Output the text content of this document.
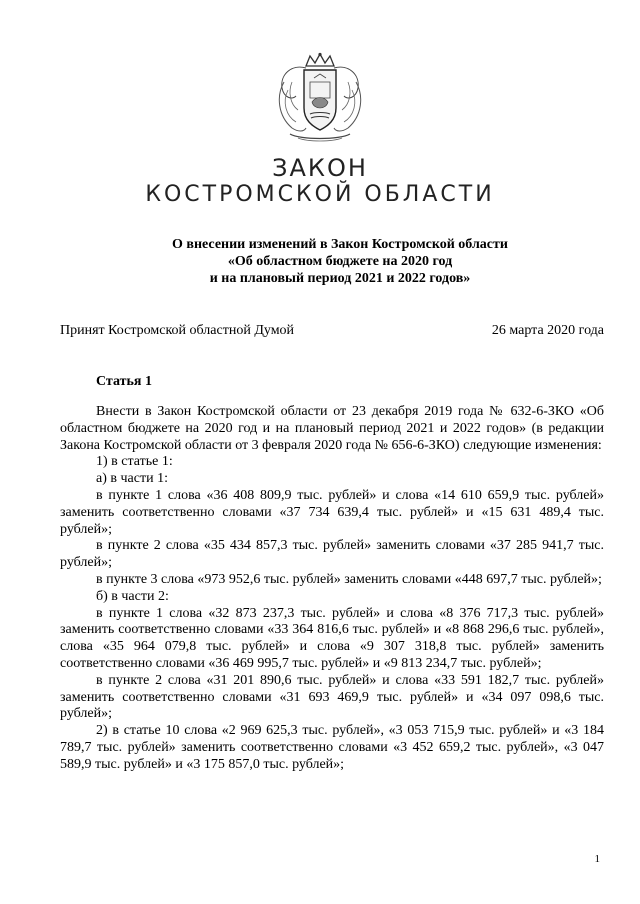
ЗАКОН
КОСТРОМСКОЙ ОБЛАСТИ
О внесении изменений в Закон Костромской области
«Об областном бюджете на 2020 год
и на плановый период 2021 и 2022 годов»
Принят Костромской областной Думой	26 марта 2020 года
Статья 1

Внести в Закон Костромской области от 23 декабря 2019 года № 632-6-ЗКО «Об областном бюджете на 2020 год и на плановый период 2021 и 2022 годов» (в редакции Закона Костромской области от 3 февраля 2020 года № 656-6-ЗКО) следующие изменения:

1) в статье 1:

а) в части 1:

в пункте 1 слова «36 408 809,9 тыс. рублей» и слова «14 610 659,9 тыс. рублей» заменить соответственно словами «37 734 639,4 тыс. рублей» и «15 631 489,4 тыс. рублей»;

в пункте 2 слова «35 434 857,3 тыс. рублей» заменить словами «37 285 941,7 тыс. рублей»;

в пункте 3 слова «973 952,6 тыс. рублей» заменить словами «448 697,7 тыс. рублей»;

б) в части 2:

в пункте 1 слова «32 873 237,3 тыс. рублей» и слова «8 376 717,3 тыс. рублей» заменить соответственно словами «33 364 816,6 тыс. рублей» и «8 868 296,6 тыс. рублей», слова «35 964 079,8 тыс. рублей» и слова «9 307 318,8 тыс. рублей» заменить соответственно словами «36 469 995,7 тыс. рублей» и «9 813 234,7 тыс. рублей»;

в пункте 2 слова «31 201 890,6 тыс. рублей» и слова «33 591 182,7 тыс. рублей» заменить соответственно словами «31 693 469,9 тыс. рублей» и «34 097 098,6 тыс. рублей»;

2) в статье 10 слова «2 969 625,3 тыс. рублей», «3 053 715,9 тыс. рублей» и «3 184 789,7 тыс. рублей» заменить соответственно словами «3 452 659,2 тыс. рублей», «3 047 589,9 тыс. рублей» и «3 175 857,0 тыс. рублей»;

1
